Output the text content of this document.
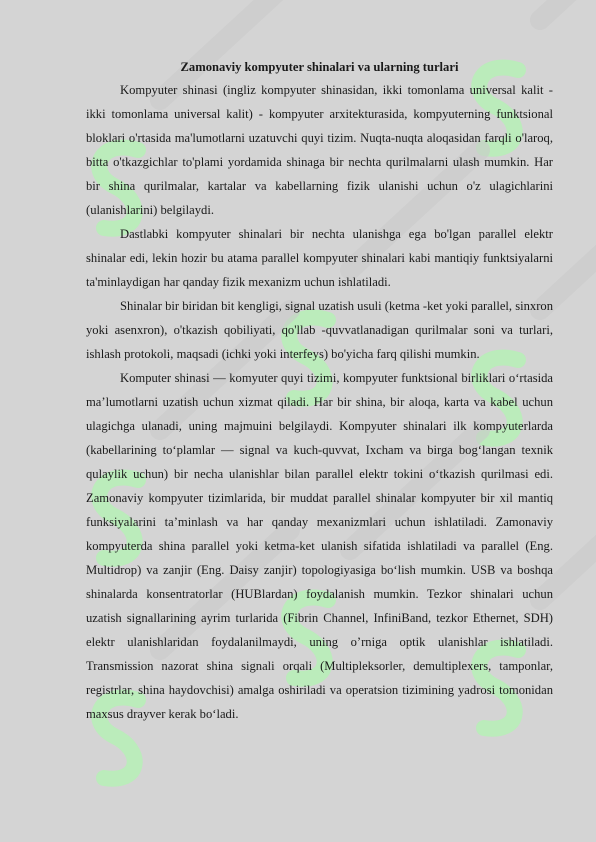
Zamonaviy kompyuter shinalari va ularning turlari

Kompyuter shinasi (ingliz kompyuter shinasidan, ikki tomonlama universal kalit - ikki tomonlama universal kalit) - kompyuter arxitekturasida, kompyuterning funktsional bloklari o'rtasida ma'lumotlarni uzatuvchi quyi tizim. Nuqta-nuqta aloqasidan farqli o'laroq, bitta o'tkazgichlar to'plami yordamida shinaga bir nechta qurilmalarni ulash mumkin. Har bir shina qurilmalar, kartalar va kabellarning fizik ulanishi uchun o'z ulagichlarini (ulanishlarini) belgilaydi.

Dastlabki kompyuter shinalari bir nechta ulanishga ega bo'lgan parallel elektr shinalar edi, lekin hozir bu atama parallel kompyuter shinalari kabi mantiqiy funktsiyalarni ta'minlaydigan har qanday fizik mexanizm uchun ishlatiladi.

Shinalar bir biridan bit kengligi, signal uzatish usuli (ketma -ket yoki parallel, sinxron yoki asenxron), o'tkazish qobiliyati, qo'llab -quvvatlanadigan qurilmalar soni va turlari, ishlash protokoli, maqsadi (ichki yoki interfeys) bo'yicha farq qilishi mumkin.

Komputer shinasi — komyuter quyi tizimi, kompyuter funktsional birliklari o‘rtasida ma’lumotlarni uzatish uchun xizmat qiladi. Har bir shina, bir aloqa, karta va kabel uchun ulagichga ulanadi, uning majmuini belgilaydi. Kompyuter shinalari ilk kompyuterlarda (kabellarining to‘plamlar — signal va kuch-quvvat, Ixcham va birga bog‘langan texnik qulaylik uchun) bir necha ulanishlar bilan parallel elektr tokini o‘tkazish qurilmasi edi. Zamonaviy kompyuter tizimlarida, bir muddat parallel shinalar kompyuter bir xil mantiq funksiyalarini ta’minlash va har qanday mexanizmlari uchun ishlatiladi. Zamonaviy kompyuterda shina parallel yoki ketma-ket ulanish sifatida ishlatiladi va parallel (Eng. Multidrop) va zanjir (Eng. Daisy zanjir) topologiyasiga bo‘lish mumkin. USB va boshqa shinalarda konsentratorlar (HUBlardan) foydalanish mumkin. Tezkor shinalari uchun uzatish signallarining ayrim turlarida (Fibrin Channel, InfiniBand, tezkor Ethernet, SDH) elektr ulanishlaridan foydalanilmaydi, uning o’rniga optik ulanishlar ishlatiladi. Transmission nazorat shina signali orqali (Multipleksorler, demultiplexers, tamponlar, registrlar, shina haydovchisi) amalga oshiriladi va operatsion tizimining yadrosi tomonidan maxsus drayver kerak bo‘ladi.
